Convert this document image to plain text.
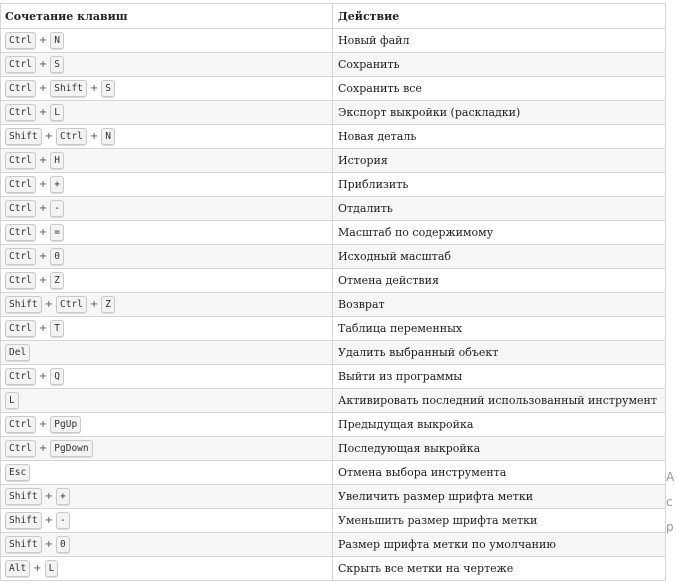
Сочетание клавиш	Действие

Ctrl + N	Новый файл

Ctrl + S	Сохранить

Ctrl + Shift + S	Сохранить все

Ctrl + L	Экспорт выкройки (раскладки)

Shift + Ctrl + N	Новая деталь

Ctrl + H	История

Ctrl + +	Приблизить

Ctrl + -	Отдалить

Ctrl + =	Масштаб по содержимому

Ctrl + 0	Исходный масштаб

Ctrl + Z	Отмена действия

Shift + Ctrl + Z	Возврат

Ctrl + T	Таблица переменных

Del	Удалить выбранный объект

Ctrl + Q	Выйти из программы

L	Активировать последний использованный инструмент

Ctrl + PgUp	Предыдущая выкройка

Ctrl + PgDown	Последующая выкройка

Esc	Отмена выбора инструмента

Shift + +	Увеличить размер шрифта метки

Shift + -	Уменьшить размер шрифта метки

Shift + 0	Размер шрифта метки по умолчанию

Alt + L	Скрыть все метки на чертеже
А
с
р
